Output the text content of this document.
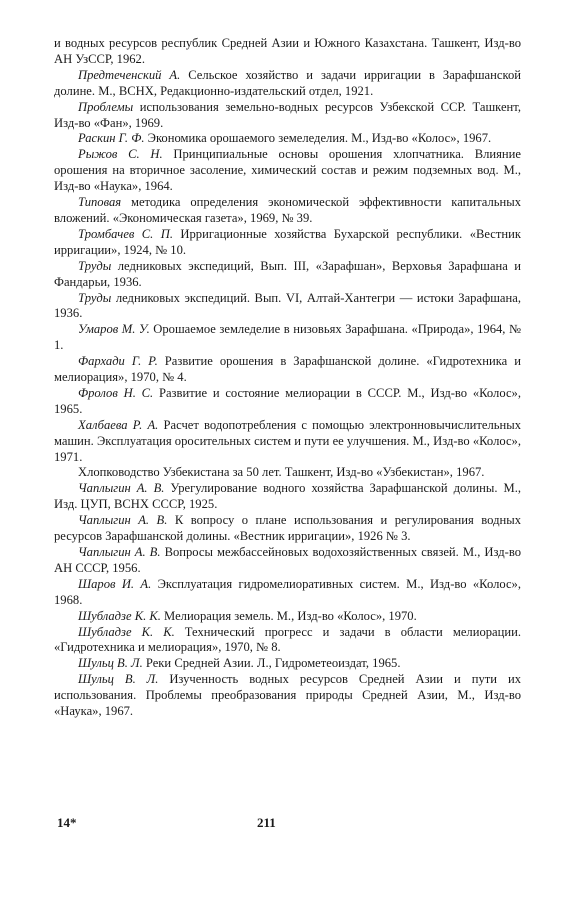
и водных ресурсов республик Средней Азии и Южного Казахстана. Ташкент, Изд-во АН УзССР, 1962.

Предтеченский А. Сельское хозяйство и задачи ирригации в Зарафшанской долине. М., ВСНХ, Редакционно-издательский отдел, 1921.

Проблемы использования земельно-водных ресурсов Узбекской ССР. Ташкент, Изд-во «Фан», 1969.

Раскин Г. Ф. Экономика орошаемого земеледелия. М., Изд-во «Колос», 1967.

Рыжов С. Н. Принципиальные основы орошения хлопчатника. Влияние орошения на вторичное засоление, химический состав и режим подземных вод. М., Изд-во «Наука», 1964.

Типовая методика определения экономической эффективности капитальных вложений. «Экономическая газета», 1969, № 39.

Тромбачев С. П. Ирригационные хозяйства Бухарской республики. «Вестник ирригации», 1924, № 10.

Труды ледниковых экспедиций, Вып. III, «Зарафшан», Верховья Зарафшана и Фандарьи, 1936.

Труды ледниковых экспедиций. Вып. VI, Алтай-Хантегри — истоки Зарафшана, 1936.

Умаров М. У. Орошаемое земледелие в низовьях Зарафшана. «Природа», 1964, № 1.

Фархади Г. Р. Развитие орошения в Зарафшанской долине. «Гидротехника и мелиорация», 1970, № 4.

Фролов Н. С. Развитие и состояние мелиорации в СССР. М., Изд-во «Колос», 1965.

Халбаева Р. А. Расчет водопотребления с помощью электронновычислительных машин. Эксплуатация оросительных систем и пути ее улучшения. М., Изд-во «Колос», 1971.

Хлопководство Узбекистана за 50 лет. Ташкент, Изд-во «Узбекистан», 1967.

Чаплыгин А. В. Урегулирование водного хозяйства Зарафшанской долины. М., Изд. ЦУП, ВСНХ СССР, 1925.

Чаплыгин А. В. К вопросу о плане использования и регулирования водных ресурсов Зарафшанской долины. «Вестник ирригации», 1926 № 3.

Чаплыгин А. В. Вопросы межбассейновых водохозяйственных связей. М., Изд-во АН СССР, 1956.

Шаров И. А. Эксплуатация гидромелиоративных систем. М., Изд-во «Колос», 1968.

Шубладзе К. К. Мелиорация земель. М., Изд-во «Колос», 1970.

Шубладзе К. К. Технический прогресс и задачи в области мелиорации. «Гидротехника и мелиорация», 1970, № 8.

Шульц В. Л. Реки Средней Азии. Л., Гидрометеоиздат, 1965.

Шульц В. Л. Изученность водных ресурсов Средней Азии и пути их использования. Проблемы преобразования природы Средней Азии, М., Изд-во «Наука», 1967.

14*	211
